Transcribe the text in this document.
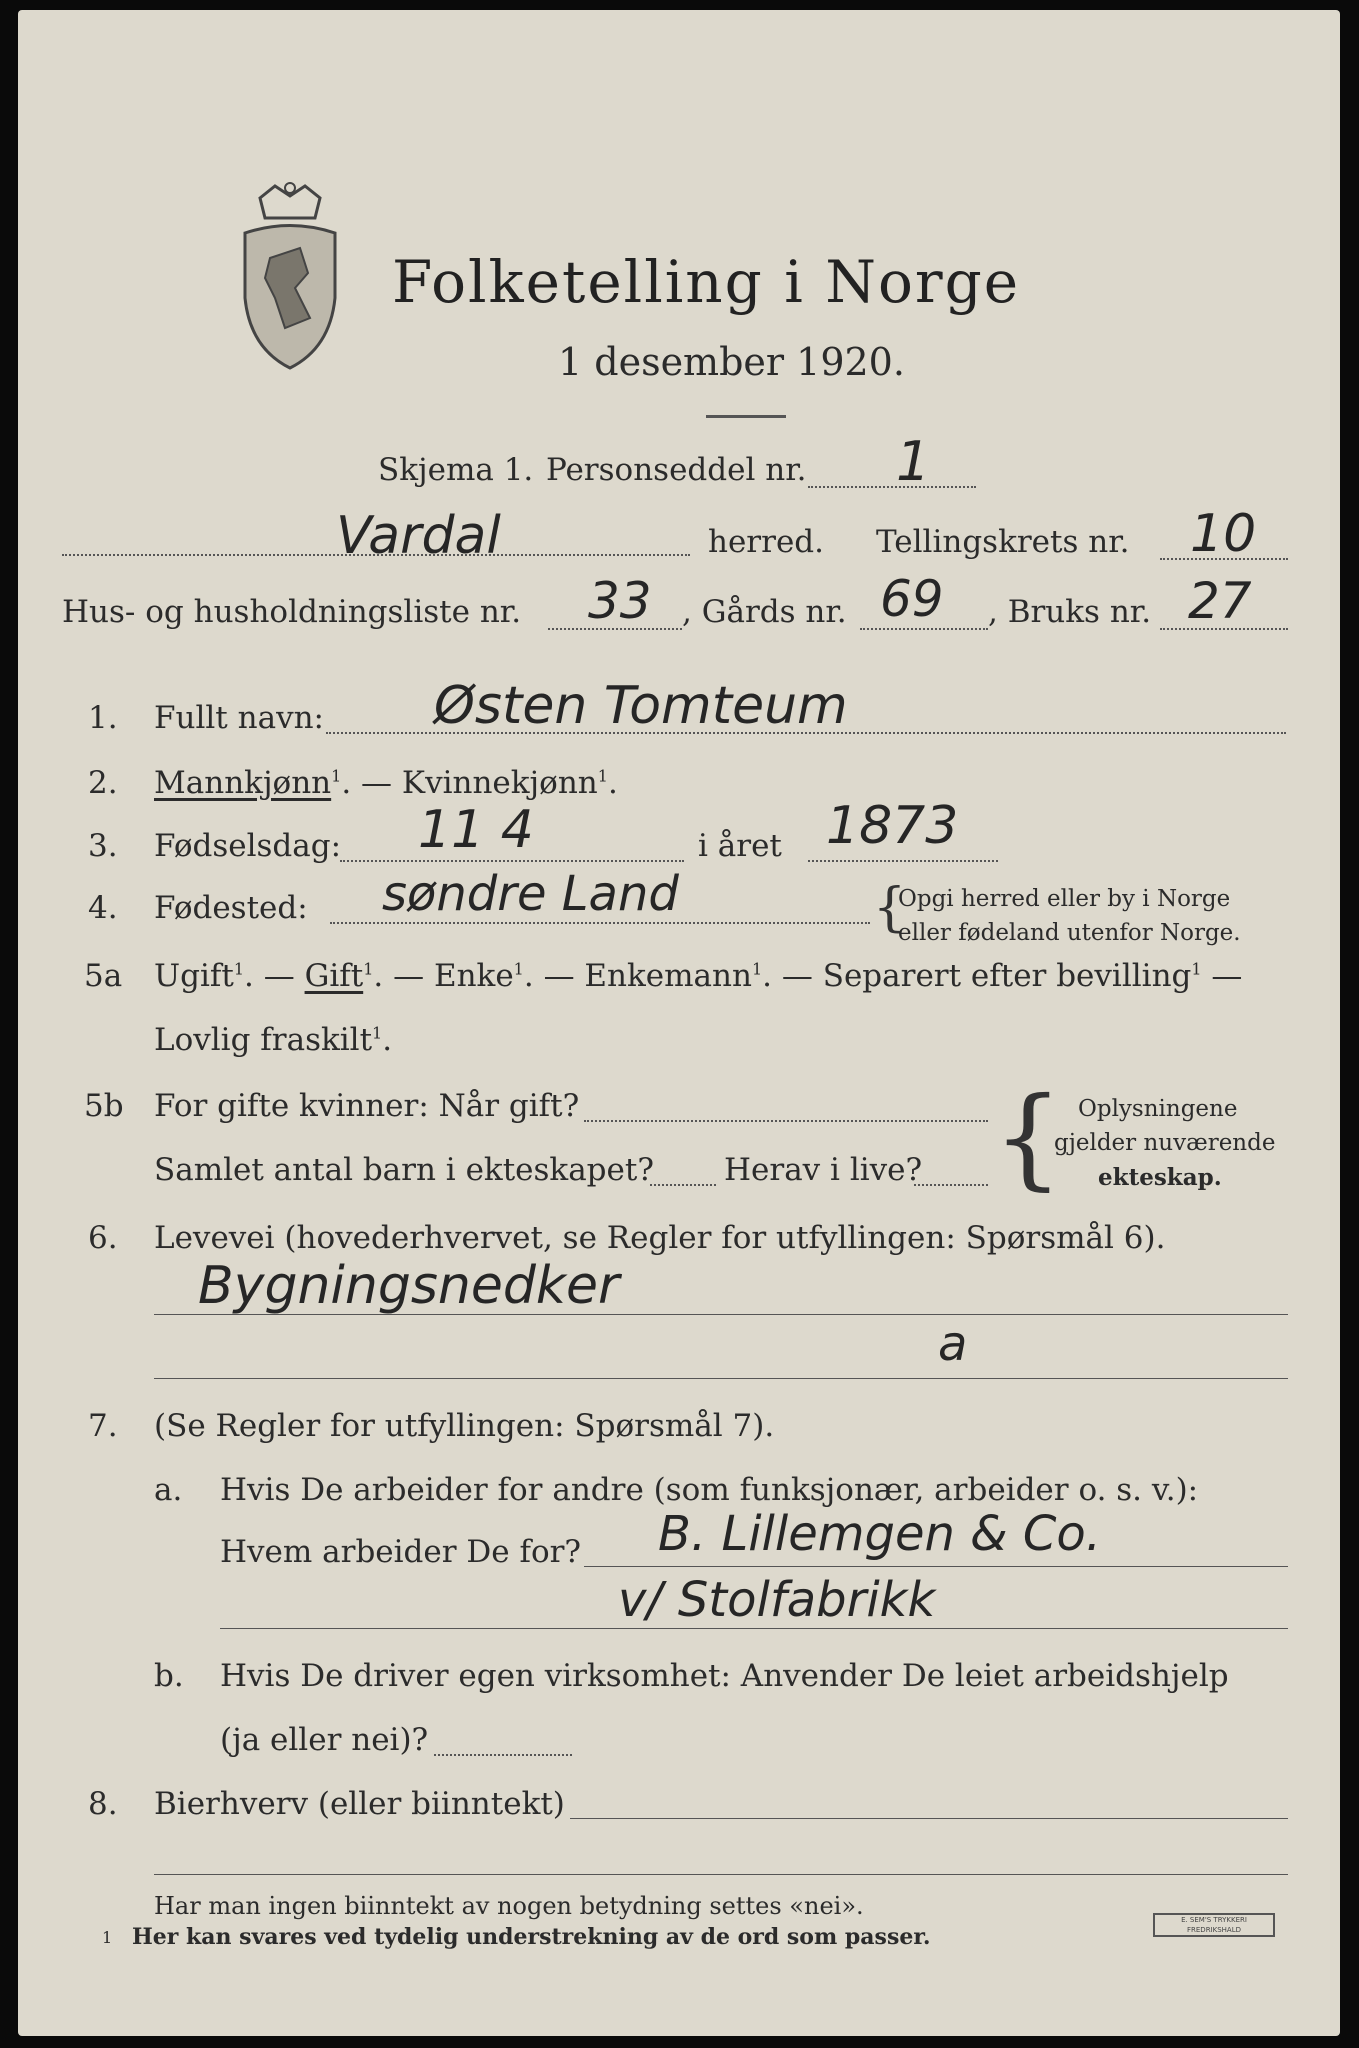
Folketelling i Norge
1 desember 1920.
Skjema 1. Personseddel nr. 1
Vardal	herred. Tellingskrets nr. 10
Hus- og husholdningsliste nr. 33 , Gårds nr. 69 , Bruks nr. 27
1. Fullt navn: Østen Tomteum
2. Mannkjønn$^1$. — Kvinnekjønn$^1$.
3. Fødselsdag: 11 4	i året 1873
4. Fødested: søndre Land	{
Opgi herred eller by i Norge
eller fødeland utenfor Norge.
5a Ugift$^1$. — Gift$^1$. — Enke$^1$. — Enkemann$^1$. — Separert efter bevilling$^1$ —
Lovlig fraskilt$^1$.
5b For gifte kvinner: Når gift?
Samlet antal barn i ekteskapet? Herav i live? { Oplysningene
gjelder nuværende
ekteskap.
6. Levevei (hovederhvervet, se Regler for utfyllingen: Spørsmål 6).
Bygningsnedker
a
7. (Se Regler for utfyllingen: Spørsmål 7).
a. Hvis De arbeider for andre (som funksjonær, arbeider o. s. v.):
Hvem arbeider De for? B. Lillemgen & Co.
v/ Stolfabrikk
b. Hvis De driver egen virksomhet: Anvender De leiet arbeidshjelp
(ja eller nei)?
8. Bierhverv (eller biinntekt)
Har man ingen biinntekt av nogen betydning settes «nei».
1 Her kan svares ved tydelig understrekning av de ord som passer.
E. SEM'S TRYKKERI
FREDRIKSHALD
